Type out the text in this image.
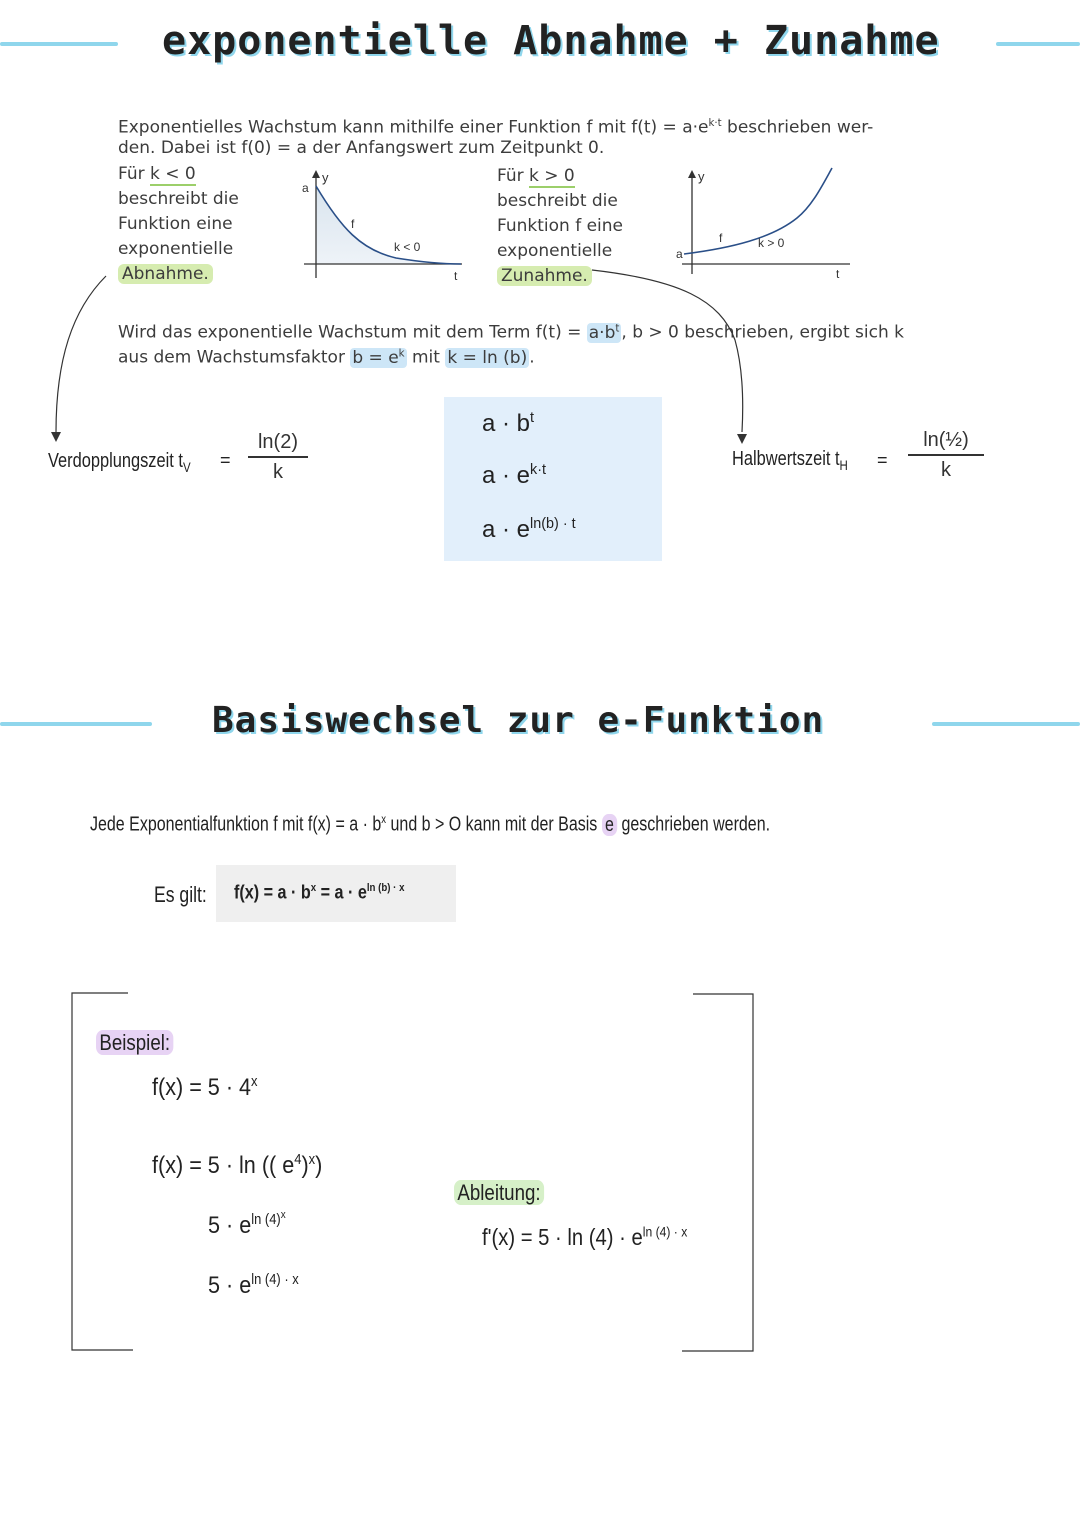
exponentielle Abnahme + Zunahme
Exponentielles Wachstum kann mithilfe einer Funktion f mit $f(t) = a\cdot e^{k\cdot t}$ beschrieben wer-
den. Dabei ist f(0) = a der Anfangswert zum Zeitpunkt 0.
Für k < 0
beschreibt die
Funktion eine
exponentielle
Abnahme.
y
a
f
k < 0
t
Für k > 0
beschreibt die
Funktion f eine
exponentielle
Zunahme.
y
a
f	k > 0
t
Wird das exponentielle Wachstum mit dem Term $f(t) = a\cdot b^t$ , b > 0 beschrieben, ergibt sich k
aus dem Wachstumsfaktor $b = e^k$ mit k = ln (b) .
Verdopplungszeit $t_V$ =
ln(2)
k
$a \cdot b^t$
$a \cdot e^{k\cdot t}$
$a \cdot e^{ln(b) \cdot t}$
Halbwertszeit $t_H$ =
ln(½)
k
Basiswechsel zur e-Funktion
Jede Exponentialfunktion f mit $f(x) = a \cdot b^x$ und b > O kann mit der Basis e geschrieben werden.
Es gilt: $f(x) = a \cdot b^x = a \cdot e^{ln (b) \cdot x}$
Beispiel:
$f(x) = 5 \cdot 4^x$
f(x) = 5 · ln (( $e^4)^x$)
$5 \cdot e^{ln (4)x}$
$5 \cdot e^{ln (4) \cdot x}$
Ableitung:
$f'(x) = 5 \cdot \ln (4) \cdot e^{ln (4) \cdot x}$
